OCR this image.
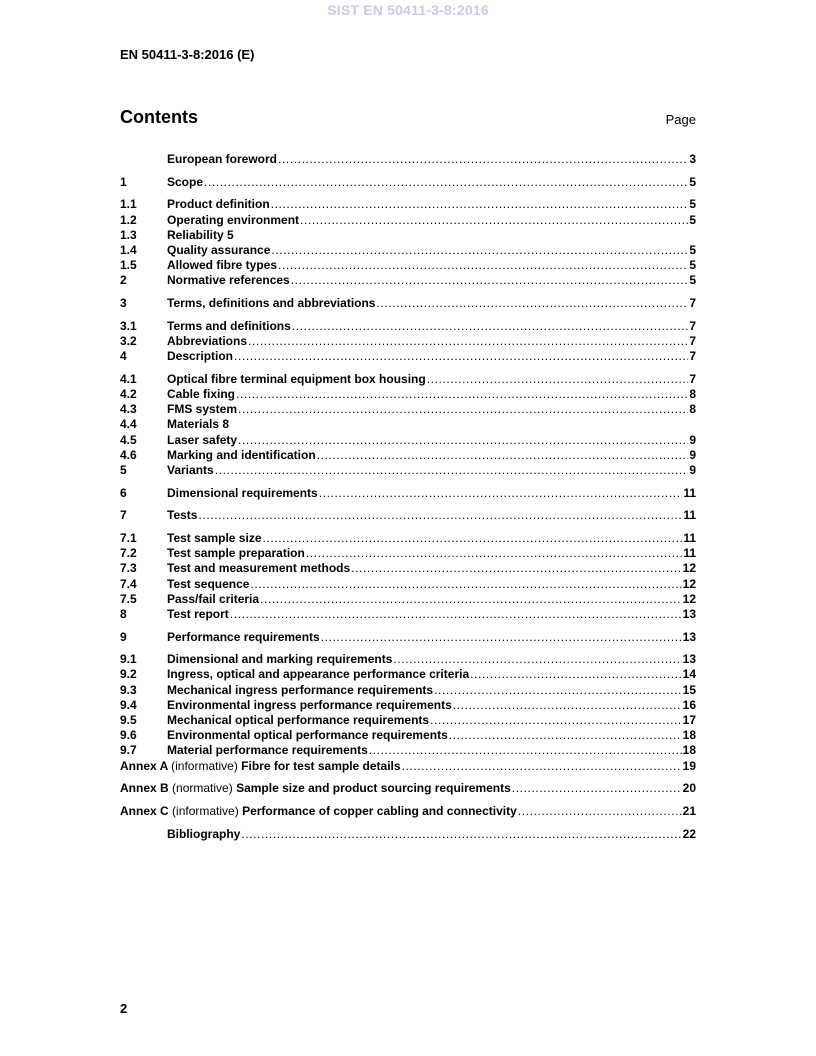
SIST EN 50411-3-8:2016
EN 50411-3-8:2016 (E)
Contents	Page
European foreword .....	3
1	Scope .....	5
1.1	Product definition .....	5
1.2	Operating environment .....	5
1.3	Reliability 5
1.4	Quality assurance .....	5
1.5	Allowed fibre types .....	5
2	Normative references .....	5
3	Terms, definitions and abbreviations .....	7
3.1	Terms and definitions .....	7
3.2	Abbreviations .....	7
4	Description .....	7
4.1	Optical fibre terminal equipment box housing .....	7
4.2	Cable fixing .....	8
4.3	FMS system .....	8
4.4	Materials 8
4.5	Laser safety .....	9
4.6	Marking and identification .....	9
5	Variants .....	9
6	Dimensional requirements .....	11
7	Tests .....	11
7.1	Test sample size .....	11
7.2	Test sample preparation .....	11
7.3	Test and measurement methods .....	12
7.4	Test sequence .....	12
7.5	Pass/fail criteria .....	12
8	Test report .....	13
9	Performance requirements .....	13
9.1	Dimensional and marking requirements .....	13
9.2	Ingress, optical and appearance performance criteria .....	14
9.3	Mechanical ingress performance requirements .....	15
9.4	Environmental ingress performance requirements .....	16
9.5	Mechanical optical performance requirements .....	17
9.6	Environmental optical performance requirements .....	18
9.7	Material performance requirements .....	18
Annex A (informative) Fibre for test sample details .....	19
Annex B (normative) Sample size and product sourcing requirements .....	20
Annex C (informative) Performance of copper cabling and connectivity .....	21
Bibliography .....	22
2
